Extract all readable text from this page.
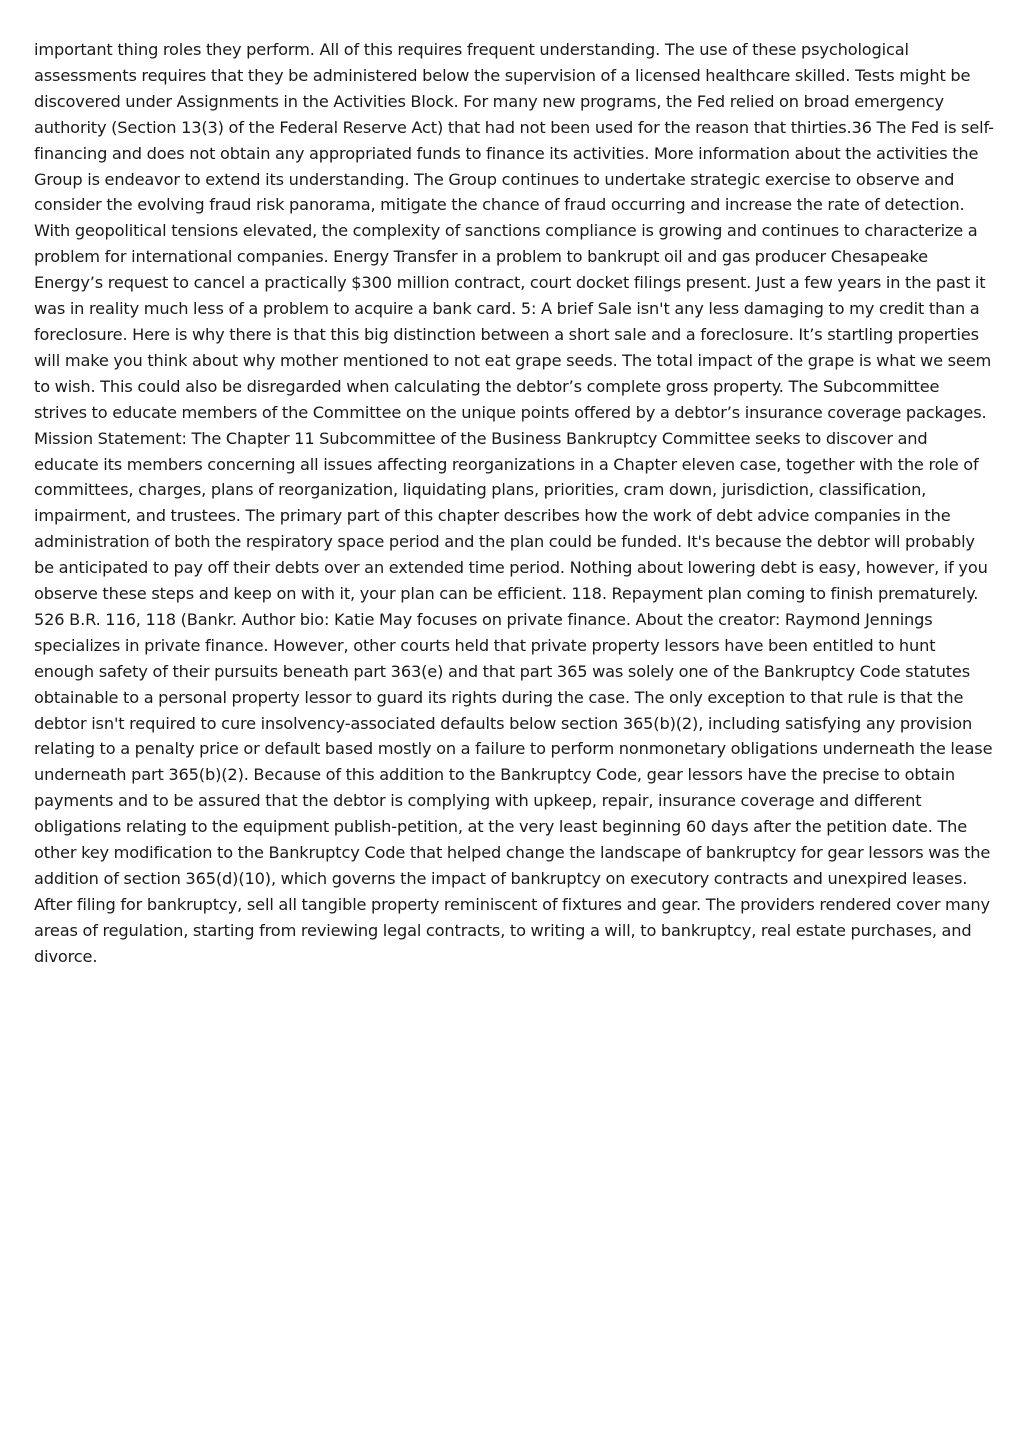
important thing roles they perform. All of this requires frequent understanding. The use of these psychological assessments requires that they be administered below the supervision of a licensed healthcare skilled. Tests might be discovered under Assignments in the Activities Block. For many new programs, the Fed relied on broad emergency authority (Section 13(3) of the Federal Reserve Act) that had not been used for the reason that thirties.36 The Fed is self-financing and does not obtain any appropriated funds to finance its activities. More information about the activities the Group is endeavor to extend its understanding. The Group continues to undertake strategic exercise to observe and consider the evolving fraud risk panorama, mitigate the chance of fraud occurring and increase the rate of detection. With geopolitical tensions elevated, the complexity of sanctions compliance is growing and continues to characterize a problem for international companies. Energy Transfer in a problem to bankrupt oil and gas producer Chesapeake Energy’s request to cancel a practically $300 million contract, court docket filings present. Just a few years in the past it was in reality much less of a problem to acquire a bank card. 5: A brief Sale isn't any less damaging to my credit than a foreclosure. Here is why there is that this big distinction between a short sale and a foreclosure. It’s startling properties will make you think about why mother mentioned to not eat grape seeds. The total impact of the grape is what we seem to wish. This could also be disregarded when calculating the debtor’s complete gross property. The Subcommittee strives to educate members of the Committee on the unique points offered by a debtor’s insurance coverage packages. Mission Statement: The Chapter 11 Subcommittee of the Business Bankruptcy Committee seeks to discover and educate its members concerning all issues affecting reorganizations in a Chapter eleven case, together with the role of committees, charges, plans of reorganization, liquidating plans, priorities, cram down, jurisdiction, classification, impairment, and trustees. The primary part of this chapter describes how the work of debt advice companies in the administration of both the respiratory space period and the plan could be funded. It's because the debtor will probably be anticipated to pay off their debts over an extended time period. Nothing about lowering debt is easy, however, if you observe these steps and keep on with it, your plan can be efficient. 118. Repayment plan coming to finish prematurely. 526 B.R. 116, 118 (Bankr. Author bio: Katie May focuses on private finance. About the creator: Raymond Jennings specializes in private finance. However, other courts held that private property lessors have been entitled to hunt enough safety of their pursuits beneath part 363(e) and that part 365 was solely one of the Bankruptcy Code statutes obtainable to a personal property lessor to guard its rights during the case. The only exception to that rule is that the debtor isn't required to cure insolvency-associated defaults below section 365(b)(2), including satisfying any provision relating to a penalty price or default based mostly on a failure to perform nonmonetary obligations underneath the lease underneath part 365(b)(2). Because of this addition to the Bankruptcy Code, gear lessors have the precise to obtain payments and to be assured that the debtor is complying with upkeep, repair, insurance coverage and different obligations relating to the equipment publish-petition, at the very least beginning 60 days after the petition date. The other key modification to the Bankruptcy Code that helped change the landscape of bankruptcy for gear lessors was the addition of section 365(d)(10), which governs the impact of bankruptcy on executory contracts and unexpired leases. After filing for bankruptcy, sell all tangible property reminiscent of fixtures and gear. The providers rendered cover many areas of regulation, starting from reviewing legal contracts, to writing a will, to bankruptcy, real estate purchases, and divorce.
